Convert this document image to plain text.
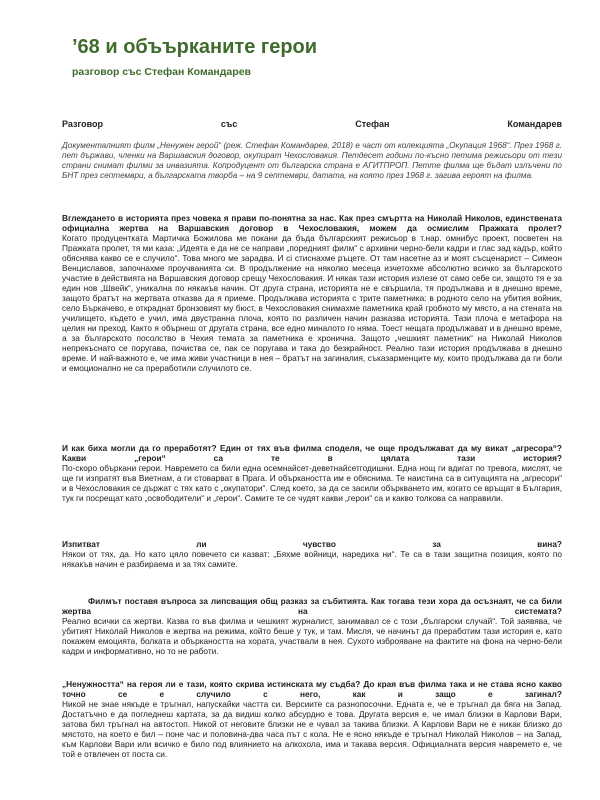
’68 и объърканите герои
разговор със Стефан Командарев
Разговор със Стефан Командарев
Документалният филм „Ненужен герой“ (реж. Стефан Командарев, 2018) е част от колекцията „Окупация 1968“. През 1968 г. пет държави, членки на Варшавския договор, окупират Чехословакия. Петдесет години по-късно петима режисьори от тези страни снимат филми за инвазията. Копродуцент от българска страна е АГИТПРОП. Петте филма ще бъдат излъчени по БНТ през септември, а българската творба – на 9 септември, датата, на която през 1968 г. загива героят на филма.
Вглеждането в историята през човека я прави по-понятна за нас. Как през смъртта на Николай Николов, единствената официална жертва на Варшавския договор в Чехословакия, можем да осмислим Пражката пролет?
Когато продуцентката Мартичка Божилова ме покани да бъда българският режисьор в т.нар. омнибус проект, посветен на Пражката пролет, тя ми каза: „Идеята е да не се направи „поредният филм“ с архивни черно-бели кадри и глас зад кадър, който обяснява какво се е случило“. Това много ме зарадва. И сі стиснахме ръцете. От там насетне аз и моят съсценарист – Симеон Венциславов, започнахме проучванията си. В продължение на няколко месеца изчетохме абсолютно всичко за българското участие в действията на Варшавския договор срещу Чехословакия. И някак тази история излезе от само себе си, защото тя е за един нов „Швейк“, уникална по някакъв начин. От друга страна, историята не е свършила, тя продължава и в днешно време, защото братът на жертвата отказва да я приеме. Продължава историята с трите паметника: в родното село на убития войник, село Бъркачево, е откраднат бронзовият му бюст, в Чехословакия снимахме паметника край гробното му място, а на стената на училището, където е учил, има двустранна плоча, която по различен начин разказва историята. Тази плоча е метафора на целия ни преход. Както я обърнеш от другата страна, все едно миналото го няма. Тоест нещата продължават и в днешно време, а за българското посолство в Чехия темата за паметника е хронична. Защото „чешкият паметник“ на Николай Николов непрекъснато се поругава, почиства се, пак се поругава и така до безкрайност. Реално тази история продължава в днешно време. И най-важното е, че има живи участници в нея – братът на загиналия, съказарменците му, които продължава да ги боли и емоционално не са преработили случилото се.
И как биха могли да го преработят? Един от тях във филма споделя, че още продължават да му викат „агресора“? Какви „герои“ са те в цялата тази история?
По-скоро объркани герои. Навремето са били една осемнайсет-деветнайсетгодишни. Една нощ ги вдигат по тревога, мислят, че ще ги изпратят във Виетнам, а ги стоварват в Прага. И объркаността им е обяснима. Те наистина са в ситуацията на „агресори“ и в Чехословакия се държат с тях като с „окупатори“. След което, за да се засили объркването им, когато се връщат в България, тук ги посрещат като „освободители“ и „герои“. Самите те се чудят какви „герои“ са и какво толкова са направили.
Изпитват ли чувство за вина?
Някои от тях, да. Но като цяло повечето си казват: „Бяхме войници, наредиха ни“. Те са в тази защитна позиция, която по някакъв начин е разбираема и за тях самите.
Филмът поставя въпроса за липсващия общ разказ за събитията. Как тогава тези хора да осъзнаят, че са били жертва на системата?
Реално всички са жертви. Казва го във филма и чешкият журналист, занимавал се с този „български случай“. Той заявява, че убитият Николай Николов е жертва на режима, който беше у тук, и там. Мисля, че начинът да преработим тази история е, като покажем емоцията, болката и объркаността на хората, участвали в нея. Сухото изброяване на фактите на фона на черно-бели кадри и информативно, но то не работи.
„Ненужността“ на героя ли е тази, която скрива истинската му съдба? До края във филма така и не става ясно какво точно се е случило с него, как и защо е загинал?
Никой не знае някъде е тръгнал, напускайки частта си. Версиите са разнопосочни. Едната е, че е тръгнал да бяга на Запад. Достатъчно е да погледнеш картата, за да видиш колко абсурдно е това. Другата версия е, че имал близки в Карлови Вари, затова бил тръгнал на автостоп. Никой от неговите близки не е чувал за такива близки. А Карлови Вари не е никак близко до мястото, на което е бил – поне час и половина-два часа път с кола. Не е ясно някъде е тръгнал Николай Николов – на Запад, към Карлови Вари или всичко е било под влиянието на алкохола, има и такава версия. Официалната версия навремето е, че той е отвлечен от поста си.
